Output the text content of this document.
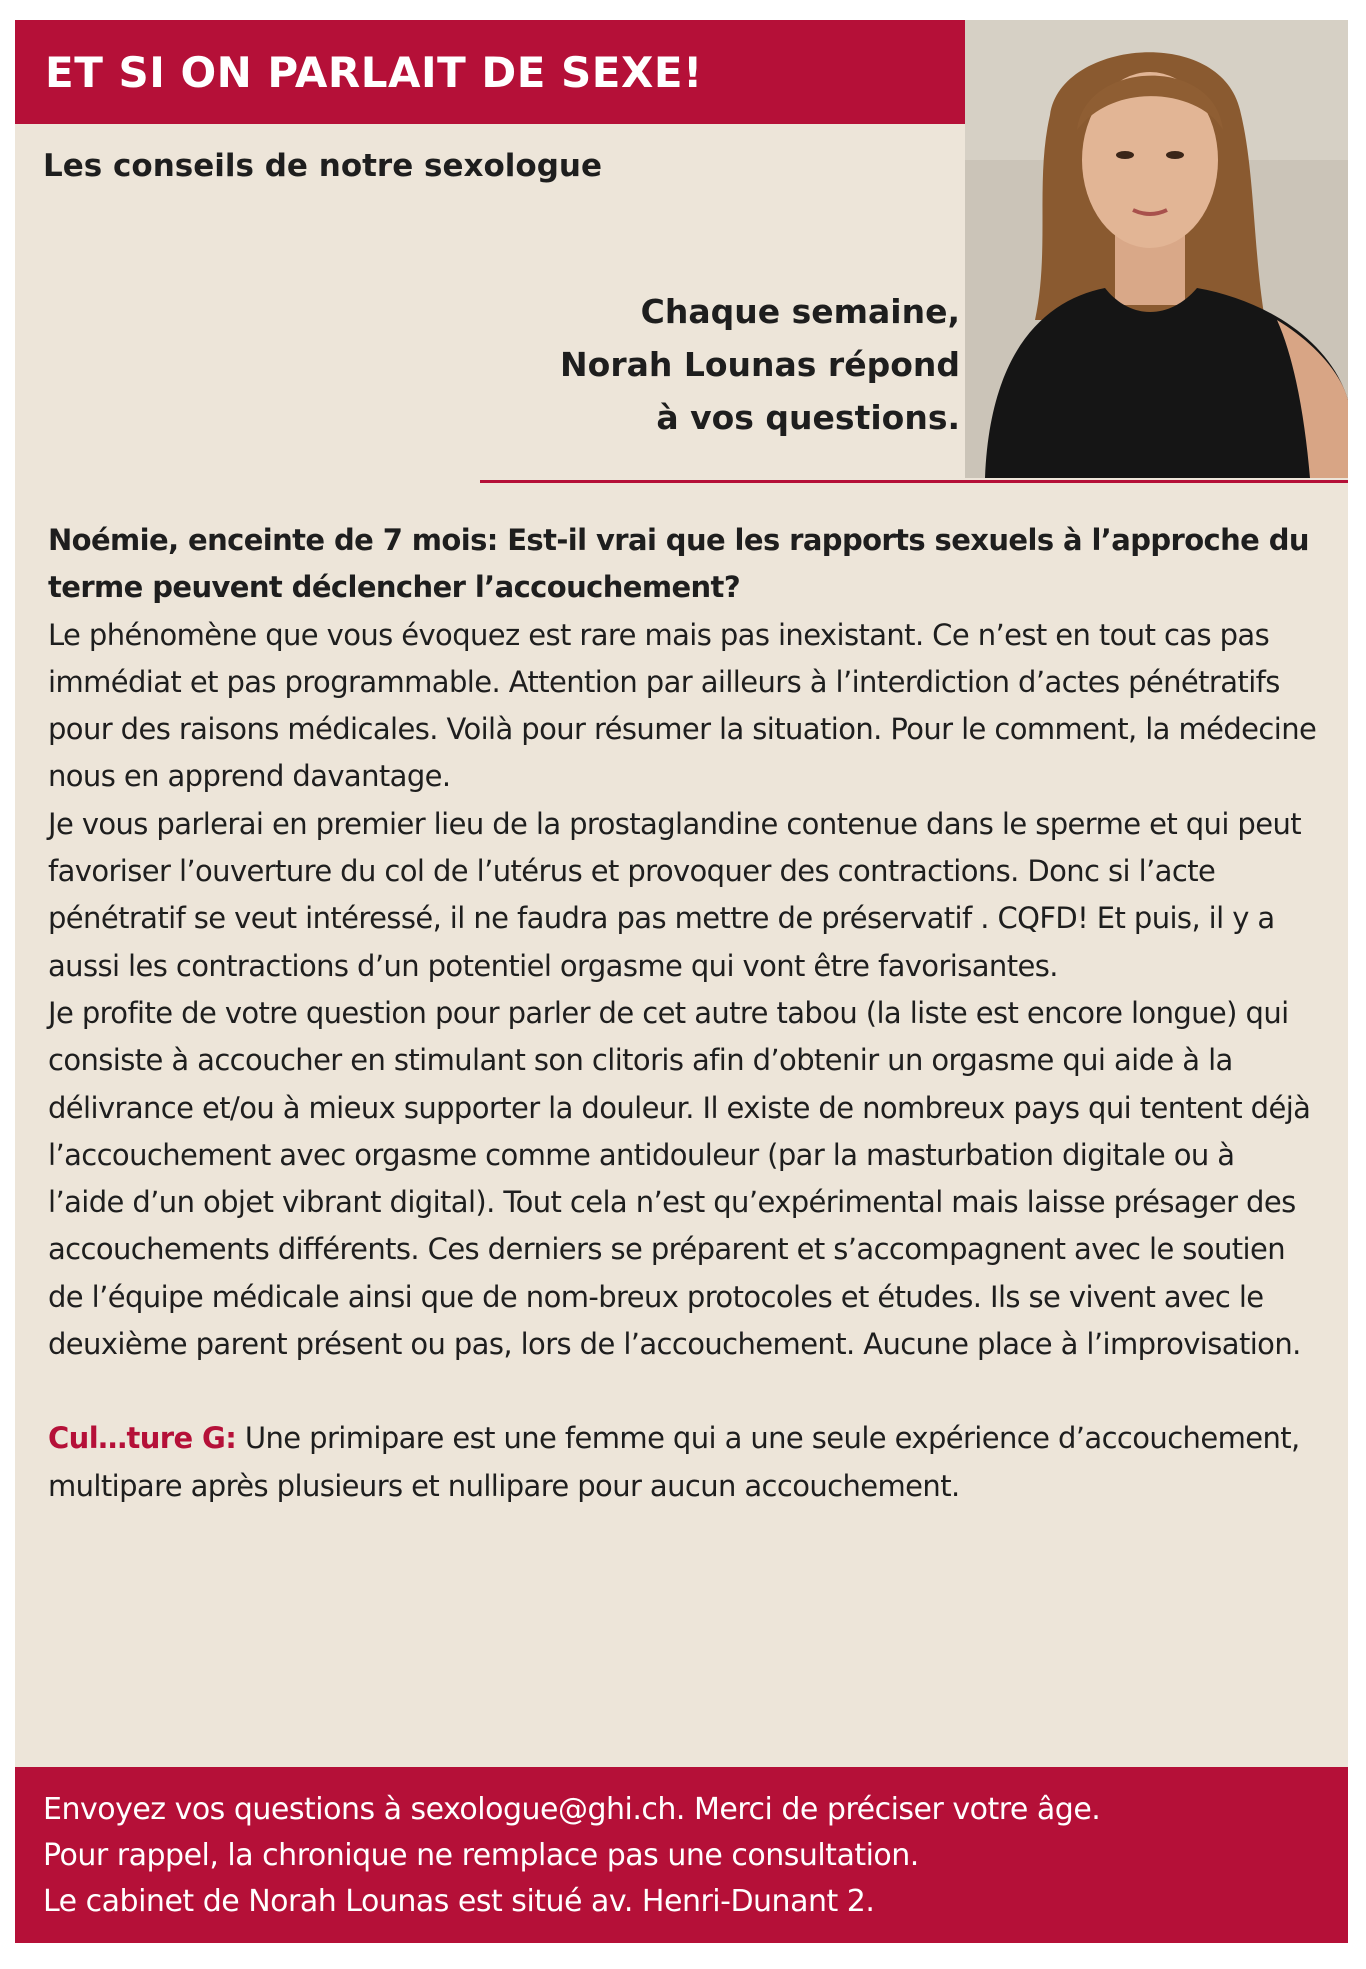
ET SI ON PARLAIT DE SEXE!
Les conseils de notre sexologue
Chaque semaine,
Norah Lounas répond
à vos questions.

Noémie, enceinte de 7 mois: Est-il vrai que les rapports sexuels à l’approche du terme peuvent déclencher l’accouchement?

Le phénomène que vous évoquez est rare mais pas inexistant. Ce n’est en tout cas pas immédiat et pas programmable. Attention par ailleurs à l’interdiction d’actes pénétratifs pour des raisons médicales. Voilà pour résumer la situation. Pour le comment, la médecine nous en apprend davantage.

Je vous parlerai en premier lieu de la prostaglandine contenue dans le sperme et qui peut favoriser l’ouverture du col de l’utérus et provoquer des contractions. Donc si l’acte pénétratif se veut intéressé, il ne faudra pas mettre de préservatif . CQFD! Et puis, il y a aussi les contractions d’un potentiel orgasme qui vont être favorisantes.

Je profite de votre question pour parler de cet autre tabou (la liste est encore longue) qui consiste à accoucher en stimulant son clitoris afin d’obtenir un orgasme qui aide à la délivrance et/ou à mieux supporter la douleur. Il existe de nombreux pays qui tentent déjà l’accouchement avec orgasme comme antidouleur (par la masturbation digitale ou à l’aide d’un objet vibrant digital). Tout cela n’est qu’expérimental mais laisse présager des accouchements différents. Ces derniers se préparent et s’accompagnent avec le soutien de l’équipe médicale ainsi que de nom-breux protocoles et études. Ils se vivent avec le deuxième parent présent ou pas, lors de l’accouchement. Aucune place à l’improvisation.

Cul…ture G: Une primipare est une femme qui a une seule expérience d’accouchement, multipare après plusieurs et nullipare pour aucun accouchement.

Envoyez vos questions à sexologue@ghi.ch. Merci de préciser votre âge.

Pour rappel, la chronique ne remplace pas une consultation.

Le cabinet de Norah Lounas est situé av. Henri-Dunant 2.
